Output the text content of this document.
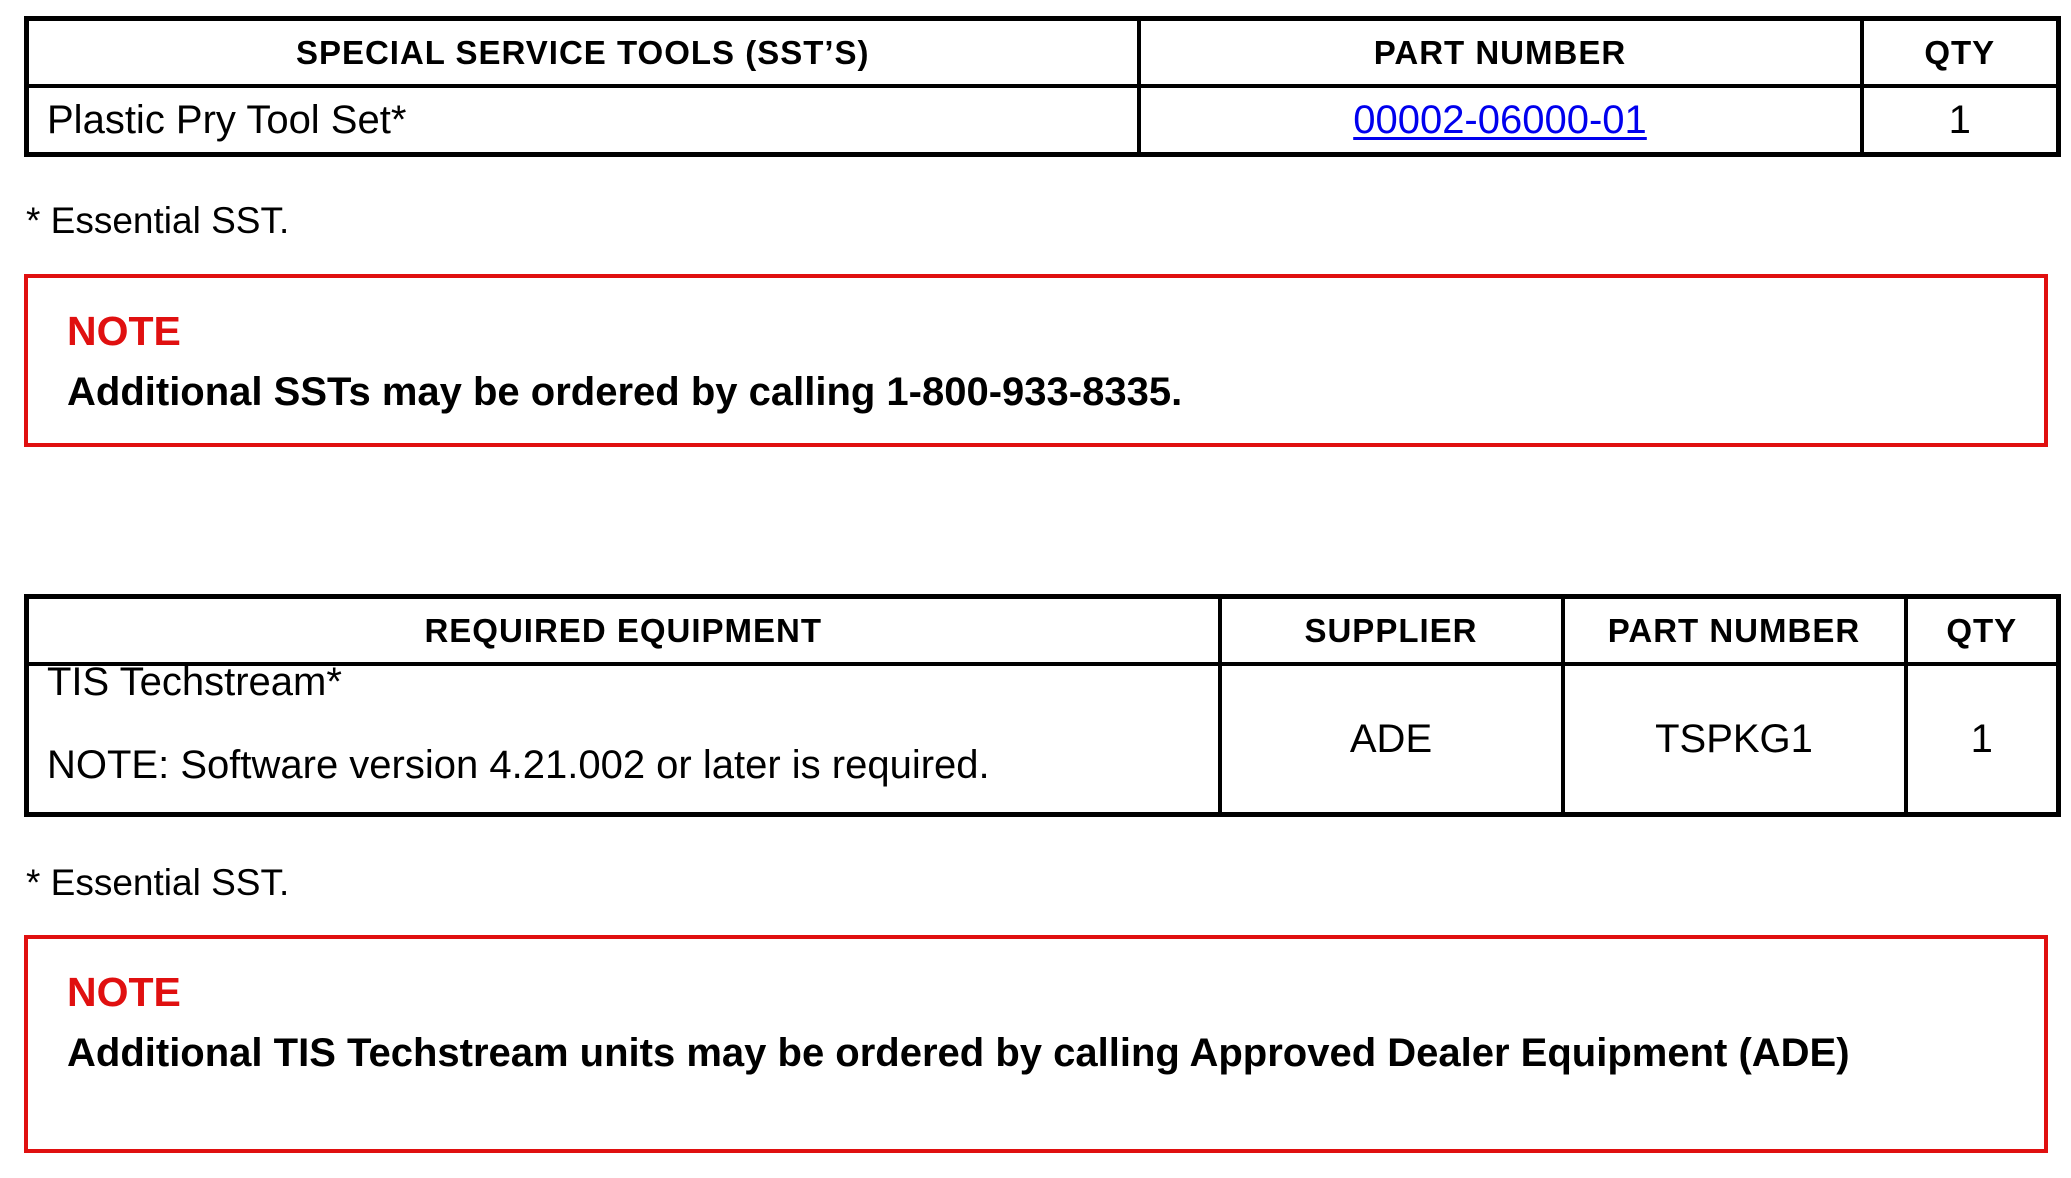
SPECIAL SERVICE TOOLS (SST’S)	PART NUMBER	QTY
Plastic Pry Tool Set*	00002-06000-01	1
* Essential SST.
NOTE
Additional SSTs may be ordered by calling 1-800-933-8335.
REQUIRED EQUIPMENT	SUPPLIER	PART NUMBER	QTY

TIS Techstream*
NOTE: Software version 4.21.002 or later is required.	ADE	TSPKG1	1
* Essential SST.
NOTE
Additional TIS Techstream units may be ordered by calling Approved Dealer Equipment (ADE)
